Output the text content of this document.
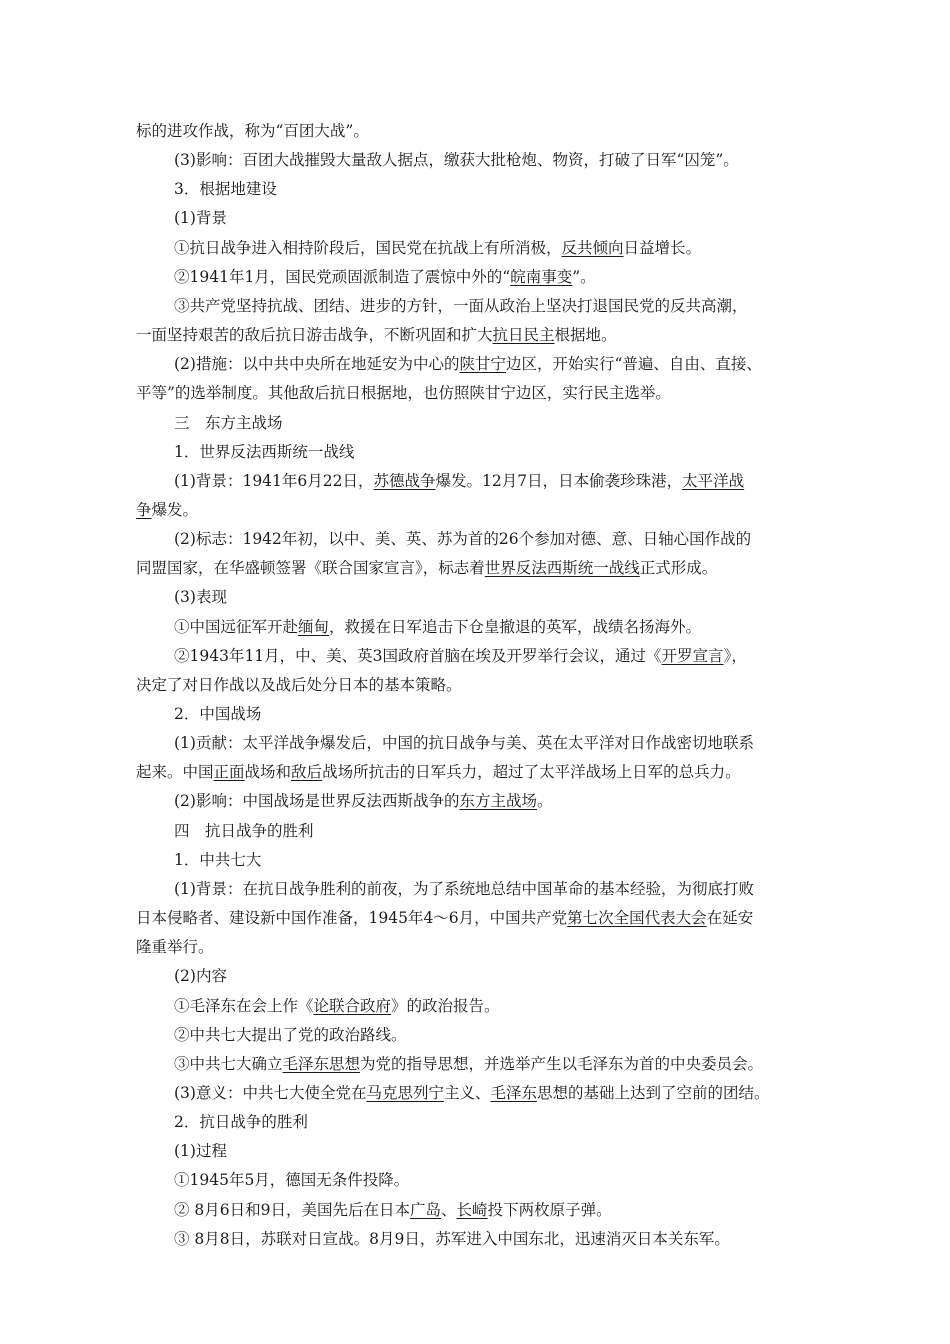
标的进攻作战，称为“百团大战”。
(3)影响：百团大战摧毁大量敌人据点，缴获大批枪炮、物资，打破了日军“囚笼”。
3．根据地建设
(1)背景
①抗日战争进入相持阶段后，国民党在抗战上有所消极，反共倾向日益增长。
②1941年1月，国民党顽固派制造了震惊中外的“皖南事变”。
③共产党坚持抗战、团结、进步的方针，一面从政治上坚决打退国民党的反共高潮，
一面坚持艰苦的敌后抗日游击战争，不断巩固和扩大抗日民主根据地。
(2)措施：以中共中央所在地延安为中心的陕甘宁边区，开始实行“普遍、自由、直接、
平等”的选举制度。其他敌后抗日根据地，也仿照陕甘宁边区，实行民主选举。
三　东方主战场
1．世界反法西斯统一战线
(1)背景：1941年6月22日，苏德战争爆发。12月7日，日本偷袭珍珠港，太平洋战
争爆发。
(2)标志：1942年初，以中、美、英、苏为首的26个参加对德、意、日轴心国作战的
同盟国家，在华盛顿签署《联合国家宣言》，标志着世界反法西斯统一战线正式形成。
(3)表现
①中国远征军开赴缅甸，救援在日军追击下仓皇撤退的英军，战绩名扬海外。
②1943年11月，中、美、英3国政府首脑在埃及开罗举行会议，通过《开罗宣言》，
决定了对日作战以及战后处分日本的基本策略。
2．中国战场
(1)贡献：太平洋战争爆发后，中国的抗日战争与美、英在太平洋对日作战密切地联系
起来。中国正面战场和敌后战场所抗击的日军兵力，超过了太平洋战场上日军的总兵力。
(2)影响：中国战场是世界反法西斯战争的东方主战场。
四　抗日战争的胜利
1．中共七大
(1)背景：在抗日战争胜利的前夜，为了系统地总结中国革命的基本经验，为彻底打败
日本侵略者、建设新中国作准备，1945年4～6月，中国共产党第七次全国代表大会在延安
隆重举行。
(2)内容
①毛泽东在会上作《论联合政府》的政治报告。
②中共七大提出了党的政治路线。
③中共七大确立毛泽东思想为党的指导思想，并选举产生以毛泽东为首的中央委员会。
(3)意义：中共七大使全党在马克思列宁主义、毛泽东思想的基础上达到了空前的团结。
2．抗日战争的胜利
(1)过程
①1945年5月，德国无条件投降。
② 8月6日和9日，美国先后在日本广岛、长崎投下两枚原子弹。
③ 8月8日，苏联对日宣战。8月9日，苏军进入中国东北，迅速消灭日本关东军。
